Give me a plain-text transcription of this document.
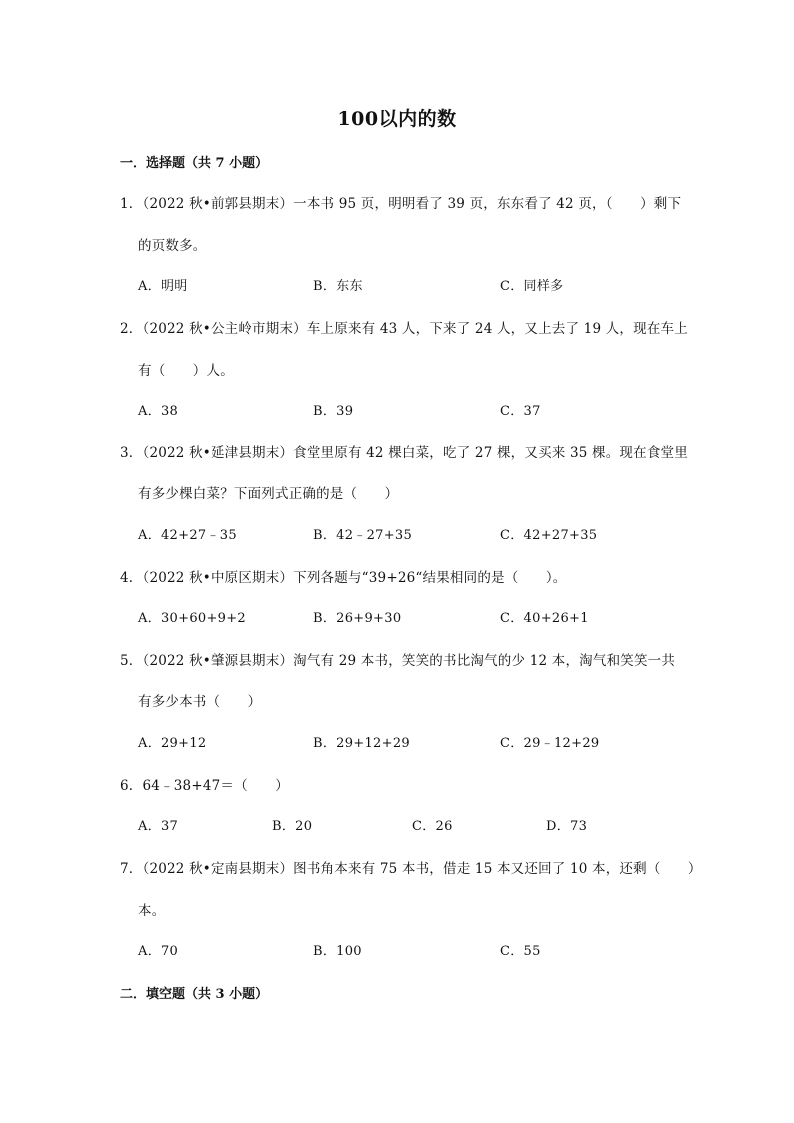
100以内的数
一．选择题（共 7 小题）
1．（2022 秋•前郭县期末）一本书 95 页，明明看了 39 页，东东看了 42 页，（　　）剩下
的页数多。
A．明明	B．东东	C．同样多
2．（2022 秋•公主岭市期末）车上原来有 43 人，下来了 24 人，又上去了 19 人，现在车上
有（　　）人。
A．38	B．39	C．37
3．（2022 秋•延津县期末）食堂里原有 42 棵白菜，吃了 27 棵，又买来 35 棵。现在食堂里
有多少棵白菜？下面列式正确的是（　　）
A．42+27﹣35	B．42﹣27+35	C．42+27+35
4．（2022 秋•中原区期末）下列各题与“39+26“结果相同的是（　　）。
A．30+60+9+2	B．26+9+30	C．40+26+1
5．（2022 秋•肇源县期末）淘气有 29 本书，笑笑的书比淘气的少 12 本，淘气和笑笑一共
有多少本书（　　）
A．29+12	B．29+12+29	C．29﹣12+29
6．64﹣38+47＝（　　）
A．37	B．20	C．26	D．73
7．（2022 秋•定南县期末）图书角本来有 75 本书，借走 15 本又还回了 10 本，还剩（　　）
本。
A．70	B．100	C．55
二．填空题（共 3 小题）
